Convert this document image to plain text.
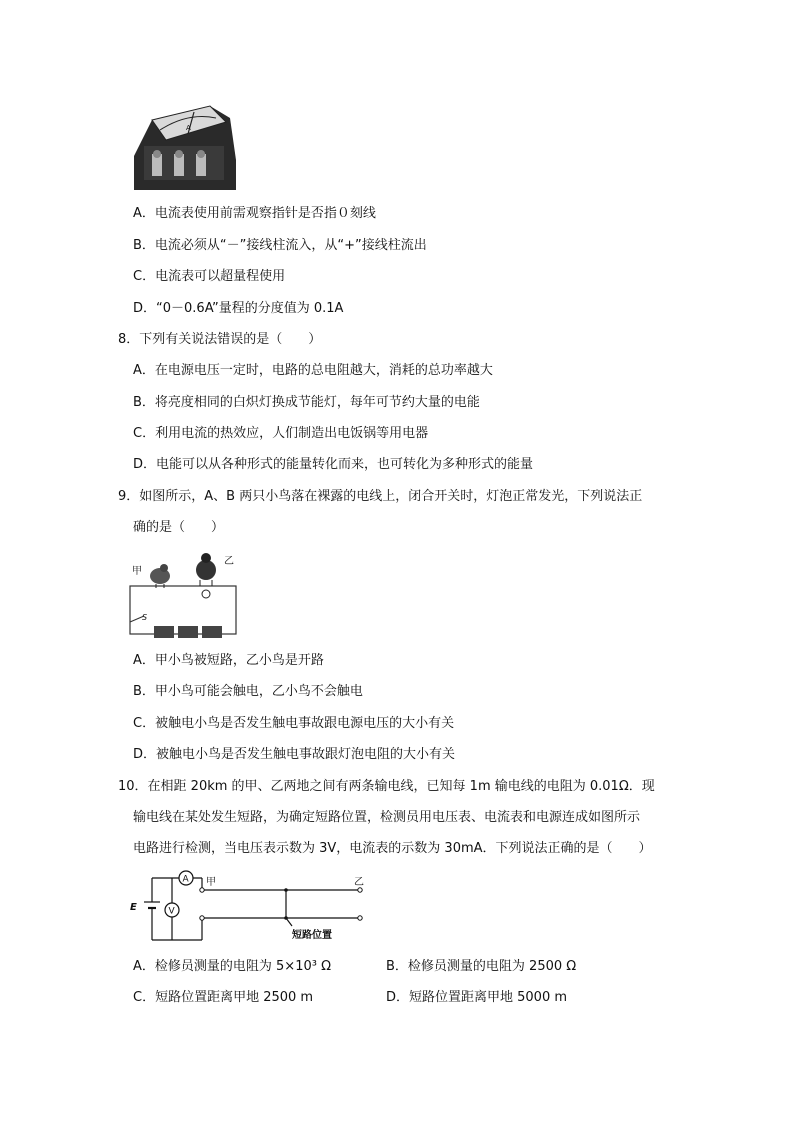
A
A．电流表使用前需观察指针是否指０刻线
B．电流必须从“－”接线柱流入，从“+”接线柱流出
C．电流表可以超量程使用
D．“0－0.6A”量程的分度值为 0.1A
8．下列有关说法错误的是（　　）
A．在电源电压一定时，电路的总电阻越大，消耗的总功率越大
B．将亮度相同的白炽灯换成节能灯，每年可节约大量的电能
C．利用电流的热效应，人们制造出电饭锅等用电器
D．电能可以从各种形式的能量转化而来，也可转化为多种形式的能量
9．如图所示，A、B 两只小鸟落在裸露的电线上，闭合开关时，灯泡正常发光，下列说法正
确的是（　　）
甲
乙
S
A．甲小鸟被短路，乙小鸟是开路
B．甲小鸟可能会触电，乙小鸟不会触电
C．被触电小鸟是否发生触电事故跟电源电压的大小有关
D．被触电小鸟是否发生触电事故跟灯泡电阻的大小有关
10．在相距 20km 的甲、乙两地之间有两条输电线，已知每 1m 输电线的电阻为 0.01Ω．现
输电线在某处发生短路，为确定短路位置，检测员用电压表、电流表和电源连成如图所示
电路进行检测，当电压表示数为 3V，电流表的示数为 30mA．下列说法正确的是（　　）
A
V
E
甲	乙
短路位置
A．检修员测量的电阻为 5×10³ Ω	B．检修员测量的电阻为 2500 Ω
C．短路位置距离甲地 2500 m	D．短路位置距离甲地 5000 m
